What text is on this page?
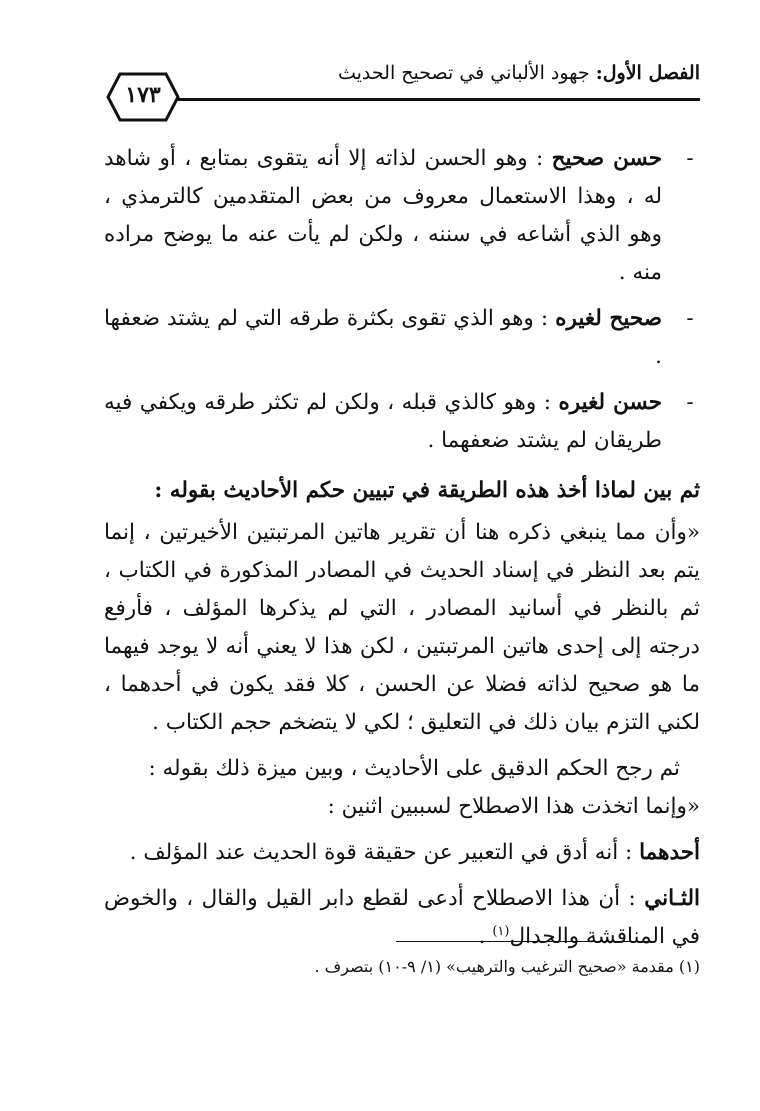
الفصل الأول: جهود الألباني في تصحيح الحديث
١٧٣
-
حسن صحيح : وهو الحسن لذاته إلا أنه يتقوى بمتابع ، أو شاهد له ، وهذا الاستعمال معروف من بعض المتقدمين كالترمذي ، وهو الذي أشاعه في سننه ، ولكن لم يأت عنه ما يوضح مراده منه .
-
صحيح لغيره : وهو الذي تقوى بكثرة طرقه التي لم يشتد ضعفها .
-
حسن لغيره : وهو كالذي قبله ، ولكن لم تكثر طرقه ويكفي فيه طريقان لم يشتد ضعفهما .
ثم بين لماذا أخذ هذه الطريقة في تبيين حكم الأحاديث بقوله :

«وأن مما ينبغي ذكره هنا أن تقرير هاتين المرتبتين الأخيرتين ، إنما يتم بعد النظر في إسناد الحديث في المصادر المذكورة في الكتاب ، ثم بالنظر في أسانيد المصادر ، التي لم يذكرها المؤلف ، فأرفع درجته إلى إحدى هاتين المرتبتين ، لكن هذا لا يعني أنه لا يوجد فيهما ما هو صحيح لذاته فضلا عن الحسن ، كلا فقد يكون في أحدهما ، لكني التزم بيان ذلك في التعليق ؛ لكي لا يتضخم حجم الكتاب .

ثم رجح الحكم الدقيق على الأحاديث ، وبين ميزة ذلك بقوله :

«وإنما اتخذت هذا الاصطلاح لسببين اثنين :

أحدهما : أنه أدق في التعبير عن حقيقة قوة الحديث عند المؤلف .

الثـاني : أن هذا الاصطلاح أدعى لقطع دابر القيل والقال ، والخوض في المناقشة والجدال$^{(١)}$ .

(١) مقدمة «صحيح الترغيب والترهيب» (١/ ٩-١٠) بتصرف .
